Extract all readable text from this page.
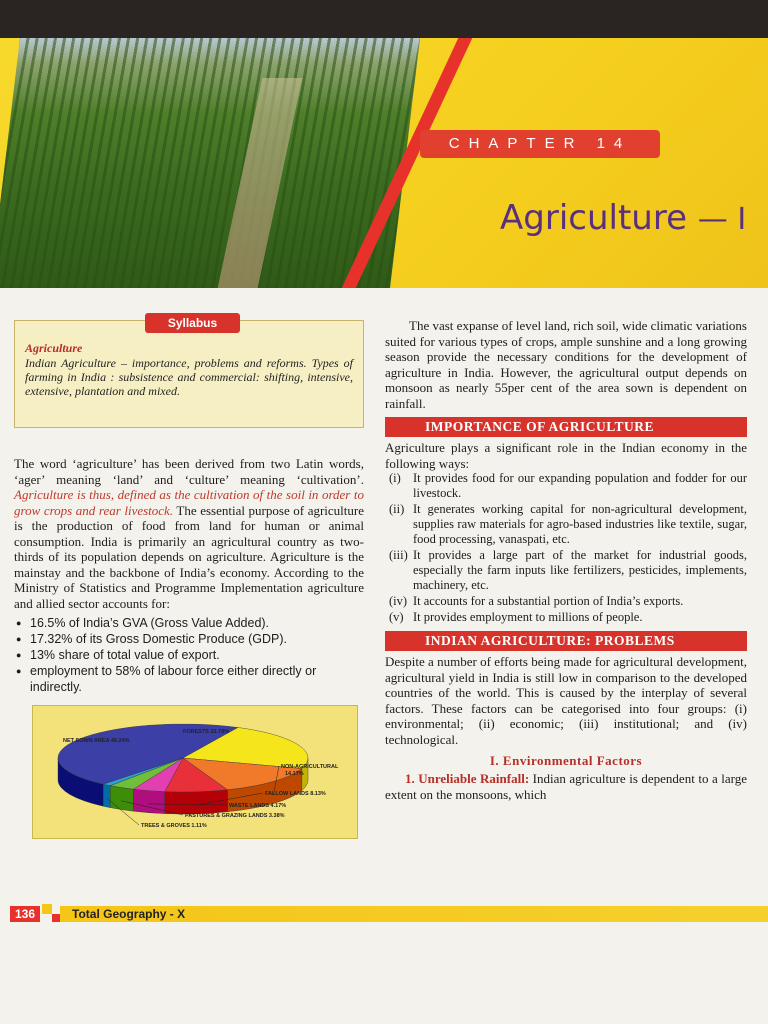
CHAPTER 14
Agriculture — I
Syllabus
Agriculture
Indian Agriculture – importance, problems and reforms. Types of farming in India : subsistence and commercial: shifting, intensive, extensive, plantation and mixed.

The word ‘agriculture’ has been derived from two Latin words, ‘ager’ meaning ‘land’ and ‘culture’ meaning ‘cultivation’. Agriculture is thus, defined as the cultivation of the soil in order to grow crops and rear livestock. The essential purpose of agriculture is the production of food from land for human or animal consumption. India is primarily an agricultural country as two-thirds of its population depends on agriculture. Agriculture is the mainstay and the backbone of India’s economy. According to the Ministry of Statistics and Programme Implementation agriculture and allied sector accounts for:

● 16.5% of India’s GVA (Gross Value Added).
● 17.32% of its Gross Domestic Produce (GDP).
● 13% share of total value of export.
● employment to 58% of labour force either directly or indirectly.
NET SOWN AREA 46.24%
FORESTS 22.78%
NON-AGRICULTURAL 14.17%
FALLOW LANDS 8.13%
WASTE LANDS 4.17%
PASTURES & GRAZING LANDS 3.38%
TREES & GROVES 1.11%

The vast expanse of level land, rich soil, wide climatic variations suited for various types of crops, ample sunshine and a long growing season provide the necessary conditions for the development of agriculture in India. However, the agricultural output depends on monsoon as nearly 55per cent of the area sown is dependent on rainfall.

IMPORTANCE OF AGRICULTURE

Agriculture plays a significant role in the Indian economy in the following ways:

(i) It provides food for our expanding population and fodder for our livestock.
(ii) It generates working capital for non-agricultural development, supplies raw materials for agro-based industries like textile, sugar, food processing, vanaspati, etc.
(iii) It provides a large part of the market for industrial goods, especially the farm inputs like fertilizers, pesticides, implements, machinery, etc.
(iv) It accounts for a substantial portion of India’s exports.
(v) It provides employment to millions of people.
INDIAN AGRICULTURE: PROBLEMS

Despite a number of efforts being made for agricultural development, agricultural yield in India is still low in comparison to the developed countries of the world. This is caused by the interplay of several factors. These factors can be categorised into four groups: (i) environmental; (ii) economic; (iii) institutional; and (iv) technological.

I. Environmental Factors

1. Unreliable Rainfall: Indian agriculture is dependent to a large extent on the monsoons, which

136	Total Geography - X
